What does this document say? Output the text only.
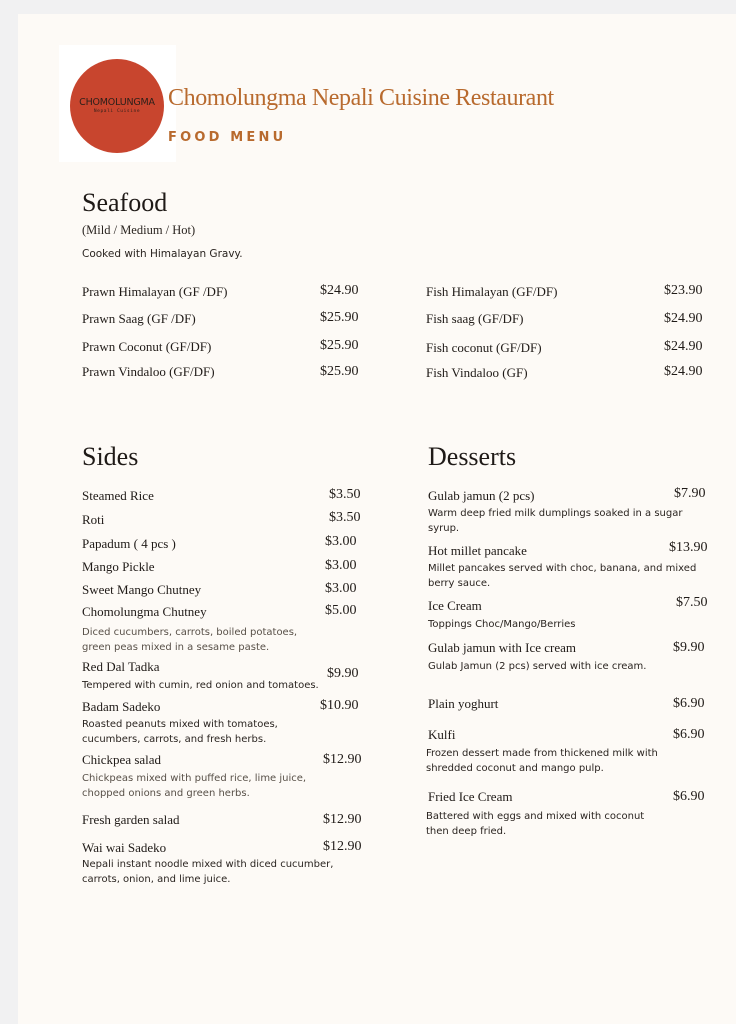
CHOMOLUNGMA
Nepali Cuisine
Chomolungma Nepali Cuisine Restaurant
FOOD MENU
Seafood
(Mild / Medium / Hot)
Cooked with Himalayan Gravy.
Prawn Himalayan (GF /DF)	$24.90
Prawn Saag (GF /DF)	$25.90
Prawn Coconut (GF/DF)	$25.90
Prawn Vindaloo (GF/DF)	$25.90
Fish Himalayan (GF/DF)	$23.90
Fish saag (GF/DF)	$24.90
Fish coconut (GF/DF)	$24.90
Fish Vindaloo (GF)	$24.90
Sides
Steamed Rice	$3.50
Roti	$3.50
Papadum ( 4 pcs )	$3.00
Mango Pickle	$3.00
Sweet Mango Chutney	$3.00
Chomolungma Chutney	$5.00
Diced cucumbers, carrots, boiled potatoes, green peas mixed in a sesame paste.
Red Dal Tadka	$9.90
Tempered with cumin, red onion and tomatoes.
Badam Sadeko	$10.90
Roasted peanuts mixed with tomatoes, cucumbers, carrots, and fresh herbs.
Chickpea salad	$12.90
Chickpeas mixed with puffed rice, lime juice, chopped onions and green herbs.
Fresh garden salad	$12.90
Wai wai Sadeko	$12.90
Nepali instant noodle mixed with diced cucumber, carrots, onion, and lime juice.
Desserts
Gulab jamun (2 pcs)	$7.90
Warm deep fried milk dumplings soaked in a sugar syrup.
Hot millet pancake	$13.90
Millet pancakes served with choc, banana, and mixed berry sauce.
Ice Cream	$7.50
Toppings Choc/Mango/Berries
Gulab jamun with Ice cream	$9.90
Gulab Jamun (2 pcs) served with ice cream.
Plain yoghurt	$6.90
Kulfi	$6.90
Frozen dessert made from thickened milk with shredded coconut and mango pulp.
Fried Ice Cream	$6.90
Battered with eggs and mixed with coconut then deep fried.
